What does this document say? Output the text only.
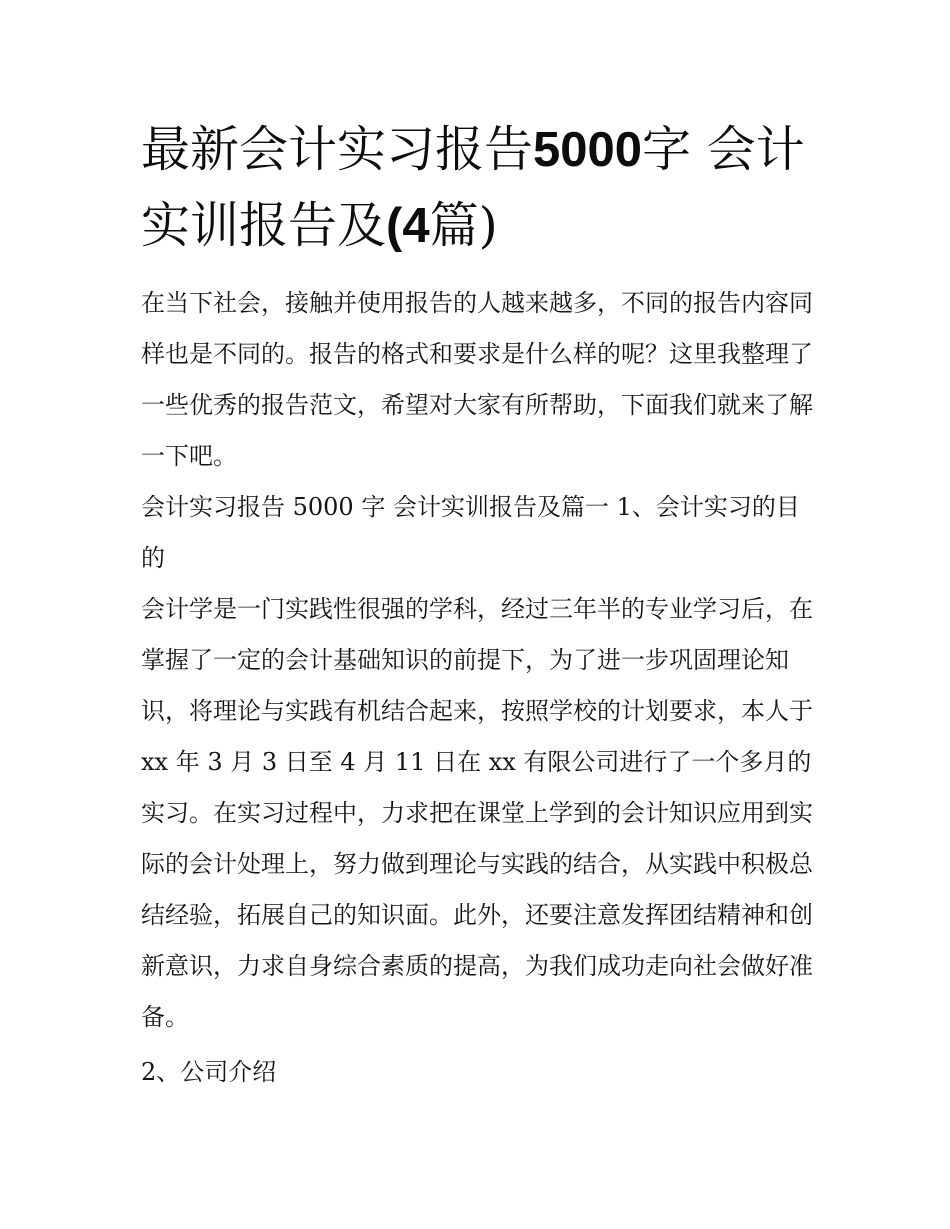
最新会计实习报告5000字 会计实训报告及(4篇)

在当下社会，接触并使用报告的人越来越多，不同的报告内容同样也是不同的。报告的格式和要求是什么样的呢？这里我整理了一些优秀的报告范文，希望对大家有所帮助，下面我们就来了解一下吧。

会计实习报告 5000 字 会计实训报告及篇一 1、会计实习的目的

会计学是一门实践性很强的学科，经过三年半的专业学习后，在掌握了一定的会计基础知识的前提下，为了进一步巩固理论知识，将理论与实践有机结合起来，按照学校的计划要求，本人于 xx 年 3 月 3 日至 4 月 11 日在 xx 有限公司进行了一个多月的实习。在实习过程中，力求把在课堂上学到的会计知识应用到实际的会计处理上，努力做到理论与实践的结合，从实践中积极总结经验，拓展自己的知识面。此外，还要注意发挥团结精神和创新意识，力求自身综合素质的提高，为我们成功走向社会做好准备。

2、公司介绍
